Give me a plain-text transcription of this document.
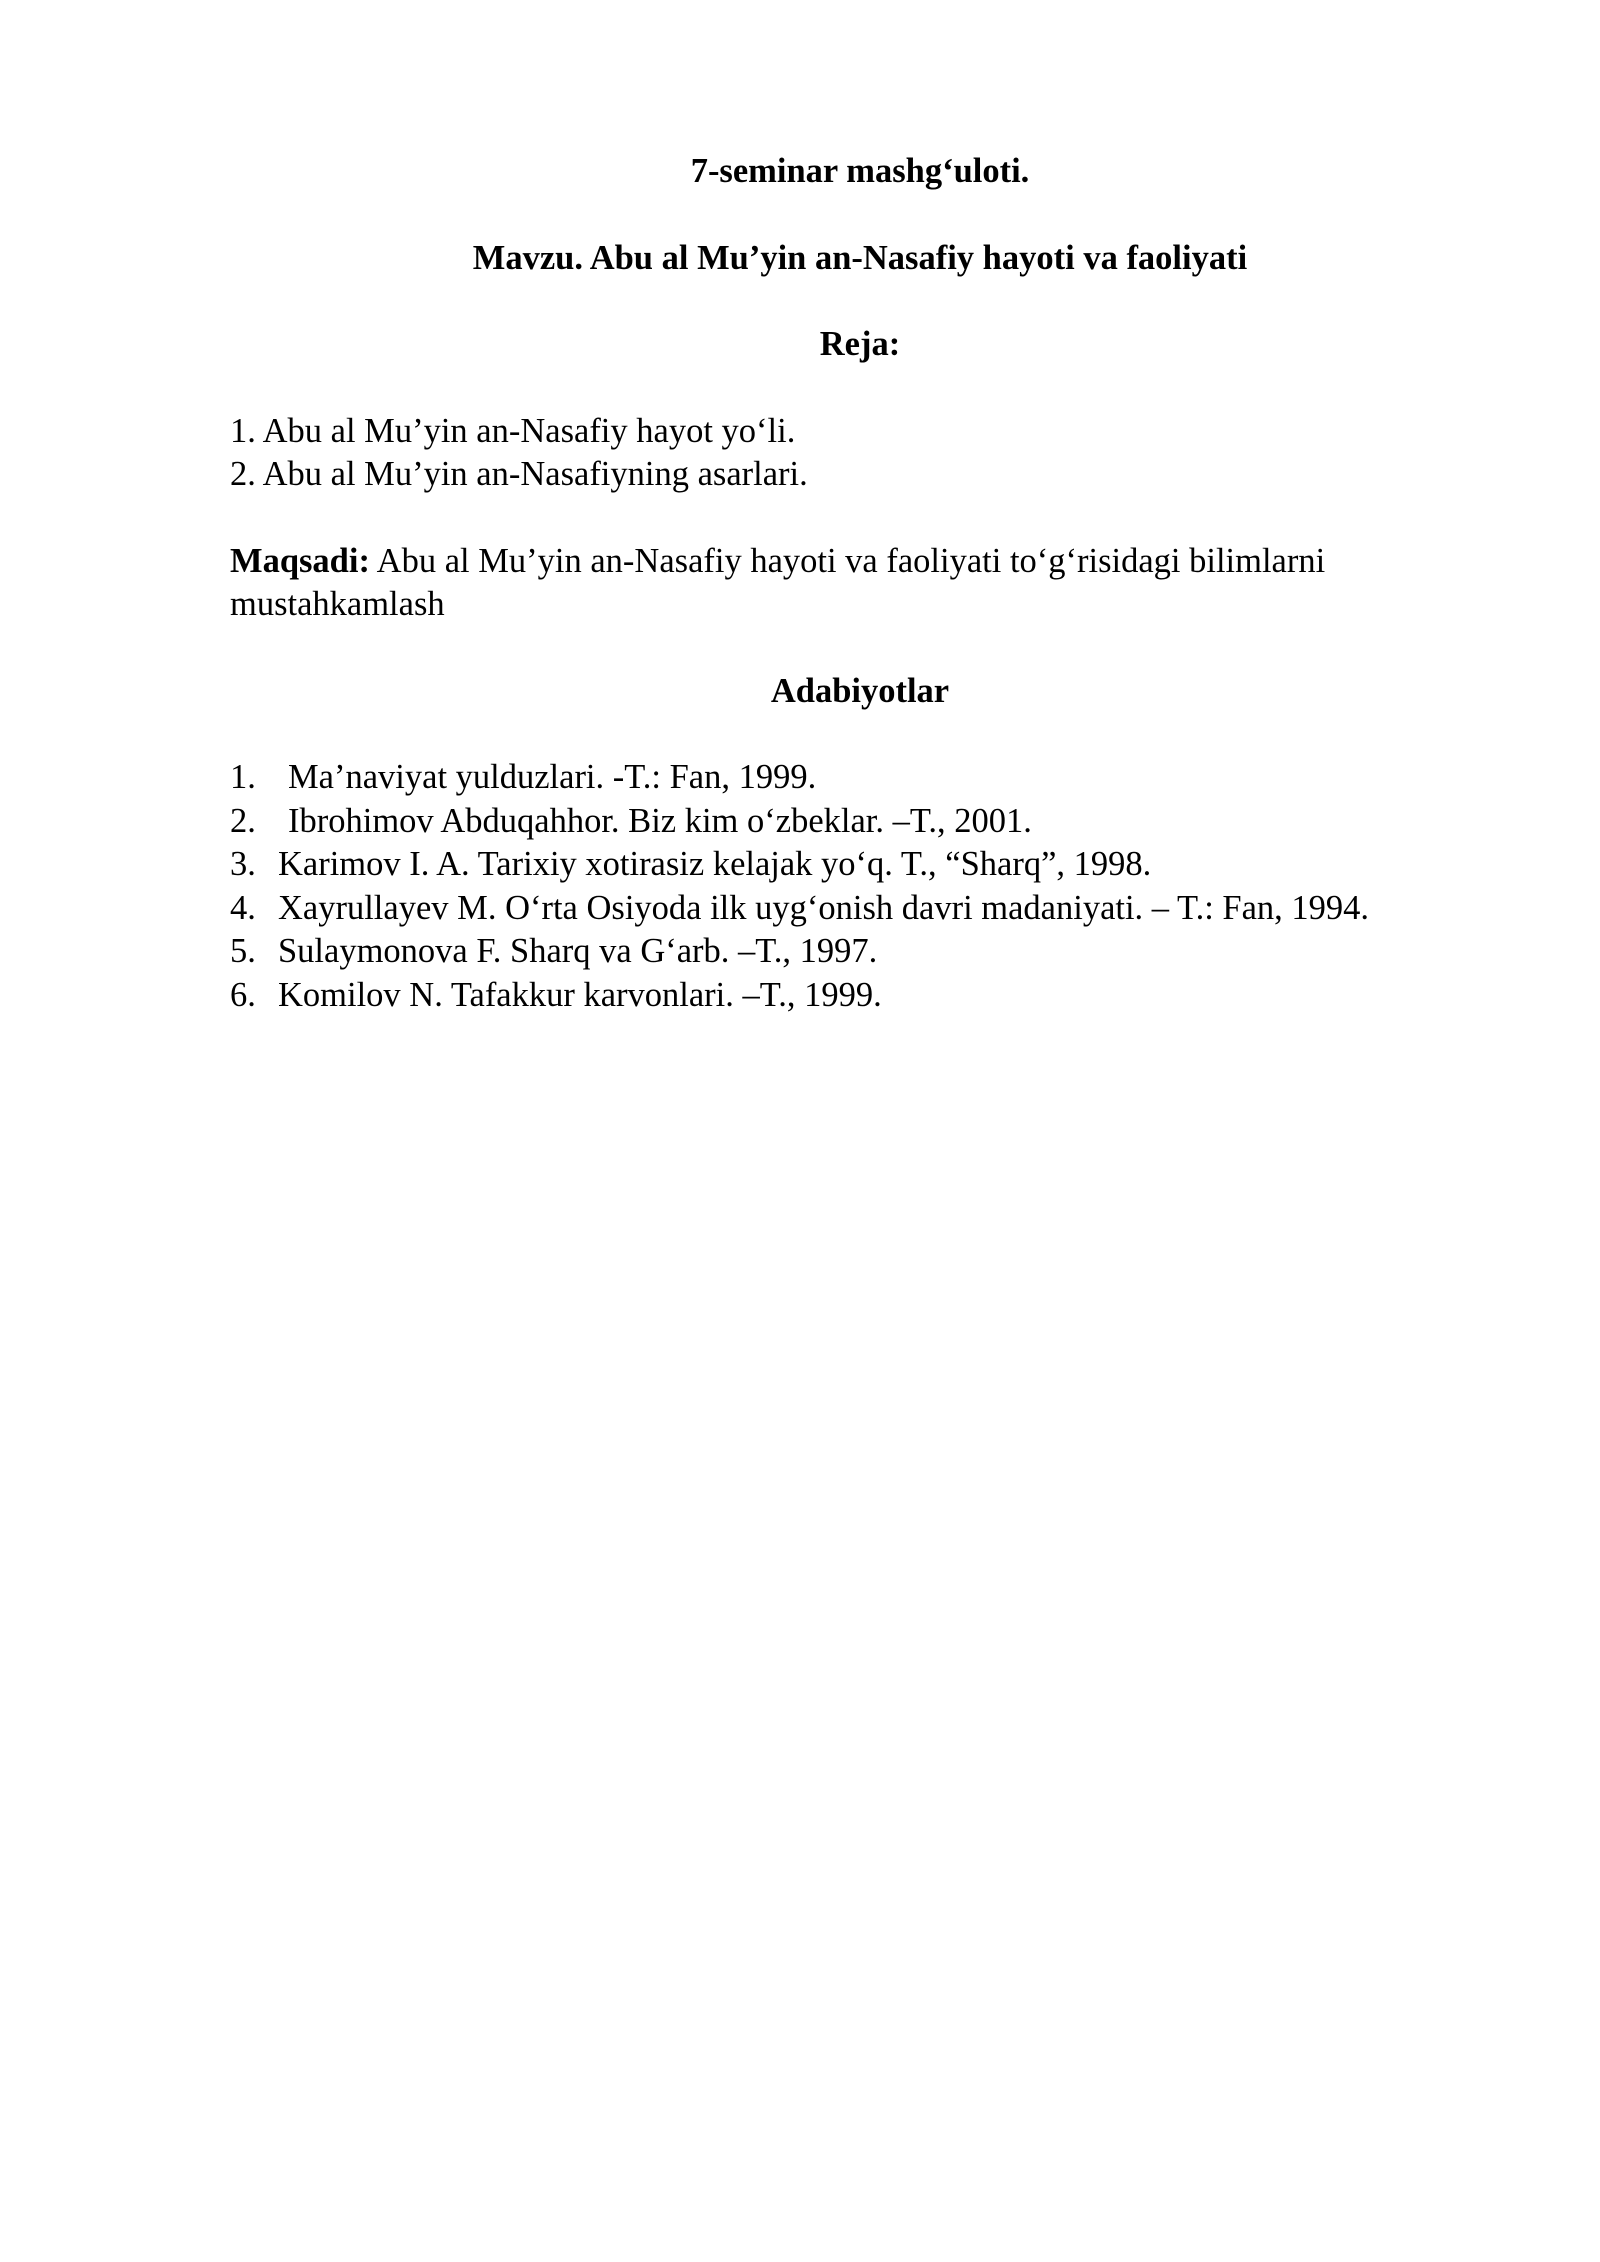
7-seminar mashg‘uloti.

Mavzu. Abu al Mu’yin an-Nasafiy hayoti va faoliyati

Reja:

1. Abu al Mu’yin an-Nasafiy hayot yo‘li.
2. Abu al Mu’yin an-Nasafiyning asarlari.

Maqsadi: Abu al Mu’yin an-Nasafiy hayoti va faoliyati to‘g‘risidagi bilimlarni mustahkamlash

Adabiyotlar

1. Ma’naviyat yulduzlari. -T.: Fan, 1999.
2. Ibrohimov Abduqahhor. Biz kim o‘zbeklar. –T., 2001.
3. Karimov I. A. Tarixiy xotirasiz kelajak yo‘q. T., “Sharq”, 1998.
4. Xayrullayev M. O‘rta Osiyoda ilk uyg‘onish davri madaniyati. – T.: Fan, 1994.
5. Sulaymonova F. Sharq va G‘arb. –T., 1997.
6. Komilov N. Tafakkur karvonlari. –T., 1999.
